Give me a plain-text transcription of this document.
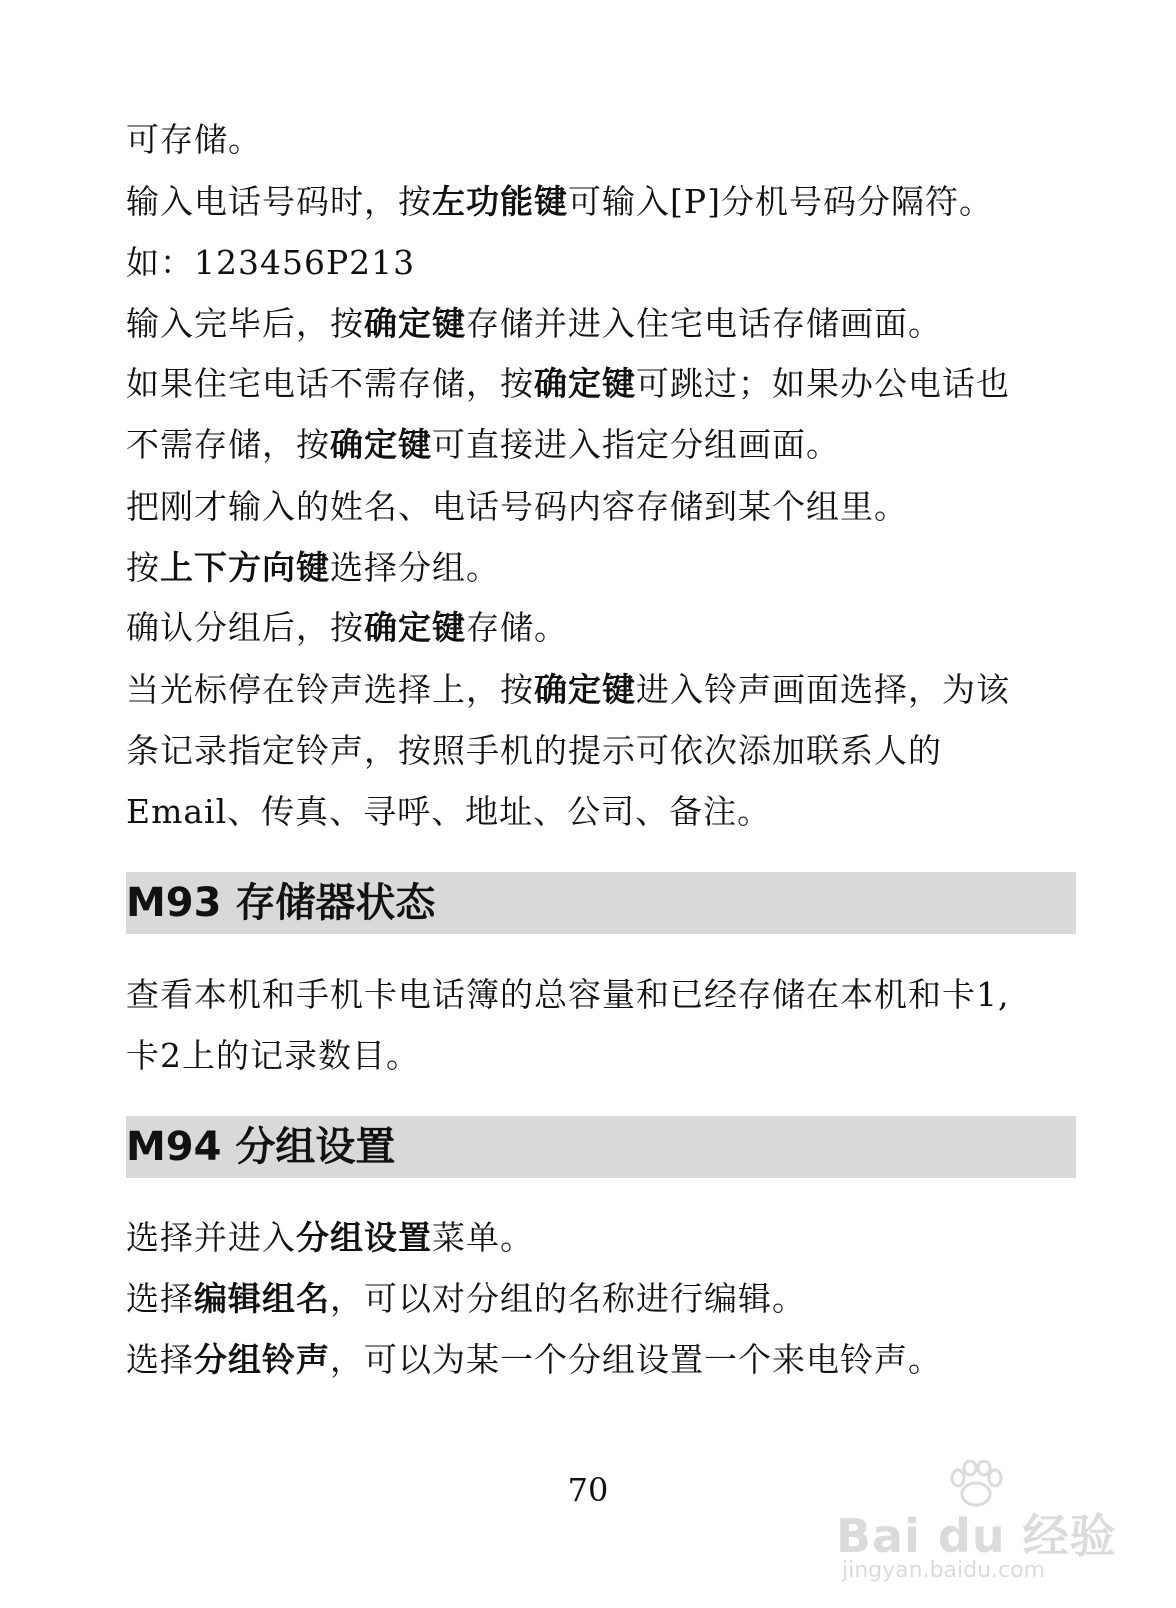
可存储。
输入电话号码时，按左功能键可输入[P]分机号码分隔符。
如：123456P213
输入完毕后，按确定键存储并进入住宅电话存储画面。
如果住宅电话不需存储，按确定键可跳过；如果办公电话也
不需存储，按确定键可直接进入指定分组画面。
把刚才输入的姓名、电话号码内容存储到某个组里。
按上下方向键选择分组。
确认分组后，按确定键存储。
当光标停在铃声选择上，按确定键进入铃声画面选择，为该
条记录指定铃声，按照手机的提示可依次添加联系人的
Email、传真、寻呼、地址、公司、备注。
M93 存储器状态
查看本机和手机卡电话簿的总容量和已经存储在本机和卡1,
卡2上的记录数目。
M94 分组设置
选择并进入分组设置菜单。
选择编辑组名，可以对分组的名称进行编辑。
选择分组铃声，可以为某一个分组设置一个来电铃声。
70
Bai du 经验
jingyan.baidu.com
